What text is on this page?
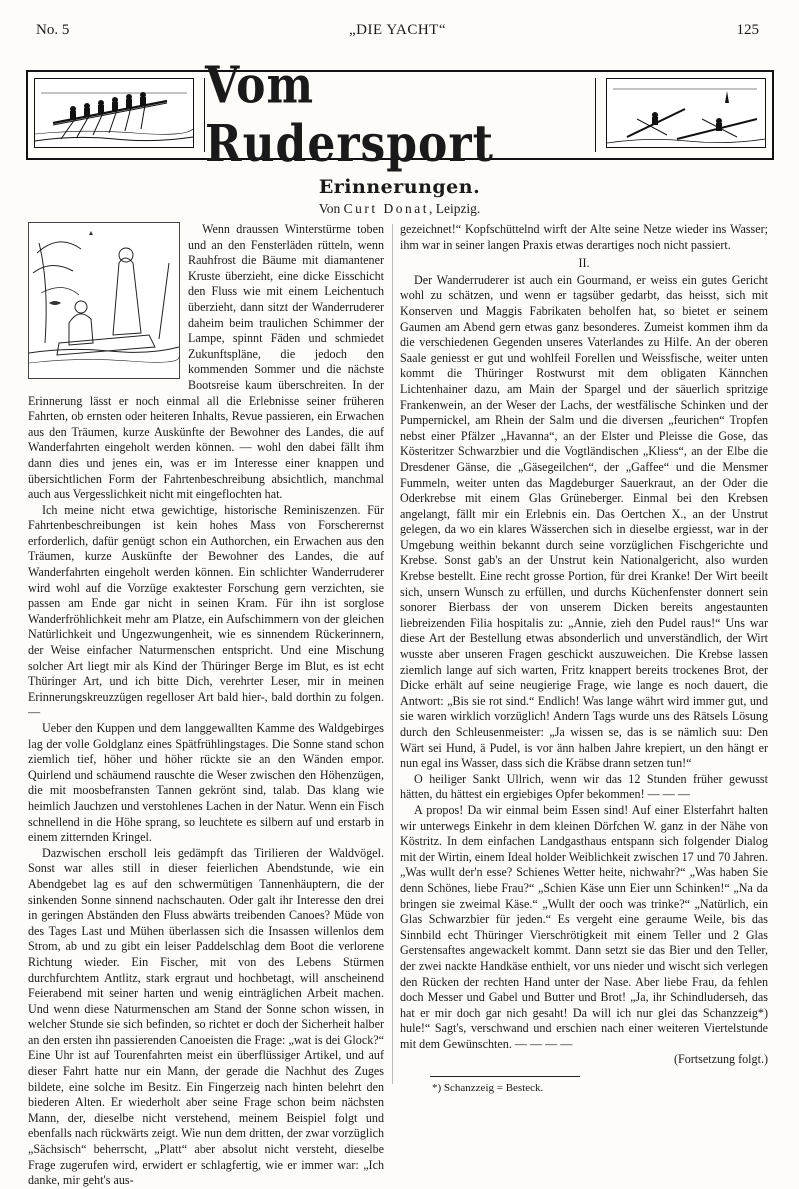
No. 5	„DIE YACHT“	125
Vom Rudersport
Erinnerungen.
Von Curt Donat, Leipzig.

Wenn draussen Winterstürme toben und an den Fensterläden rütteln, wenn Rauhfrost die Bäume mit diamantener Kruste überzieht, eine dicke Eisschicht den Fluss wie mit einem Leichentuch überzieht, dann sitzt der Wanderruderer daheim beim traulichen Schimmer der Lampe, spinnt Fäden und schmiedet Zukunftspläne, die jedoch den kommenden Sommer und die nächste Bootsreise kaum überschreiten. In der Erinnerung lässt er noch einmal all die Erlebnisse seiner früheren Fahrten, ob ernsten oder heiteren Inhalts, Revue passieren, ein Erwachen aus den Träumen, kurze Auskünfte der Bewohner des Landes, die auf Wanderfahrten eingeholt werden können. — wohl den dabei fällt ihm dann dies und jenes ein, was er im Interesse einer knappen und übersichtlichen Form der Fahrtenbeschreibung absichtlich, manchmal auch aus Vergesslichkeit nicht mit eingeflochten hat.

Ich meine nicht etwa gewichtige, historische Reminiszenzen. Für Fahrtenbeschreibungen ist kein hohes Mass von Forscherernst erforderlich, dafür genügt schon ein Authorchen, ein Erwachen aus den Träumen, kurze Auskünfte der Bewohner des Landes, die auf Wanderfahrten eingeholt werden können. Ein schlichter Wanderruderer wird wohl auf die Vorzüge exaktester Forschung gern verzichten, sie passen am Ende gar nicht in seinen Kram. Für ihn ist sorglose Wanderfröhlichkeit mehr am Platze, ein Aufschimmern von der gleichen Natürlichkeit und Ungezwungenheit, wie es sinnendem Rückerinnern, der Weise einfacher Naturmenschen entspricht. Und eine Mischung solcher Art liegt mir als Kind der Thüringer Berge im Blut, es ist echt Thüringer Art, und ich bitte Dich, verehrter Leser, mir in meinen Erinnerungskreuzzügen regelloser Art bald hier-, bald dorthin zu folgen. —

Ueber den Kuppen und dem langgewallten Kamme des Waldgebirges lag der volle Goldglanz eines Spätfrühlingstages. Die Sonne stand schon ziemlich tief, höher und höher rückte sie an den Wänden empor. Quirlend und schäumend rauschte die Weser zwischen den Höhenzügen, die mit moosbefransten Tannen gekrönt sind, talab. Das klang wie heimlich Jauchzen und verstohlenes Lachen in der Natur. Wenn ein Fisch schnellend in die Höhe sprang, so leuchtete es silbern auf und erstarb in einem zitternden Kringel.

Dazwischen erscholl leis gedämpft das Tirilieren der Waldvögel. Sonst war alles still in dieser feierlichen Abendstunde, wie ein Abendgebet lag es auf den schwermütigen Tannenhäuptern, die der sinkenden Sonne sinnend nachschauten. Oder galt ihr Interesse den drei in geringen Abständen den Fluss abwärts treibenden Canoes? Müde von des Tages Last und Mühen überlassen sich die Insassen willenlos dem Strom, ab und zu gibt ein leiser Paddelschlag dem Boot die verlorene Richtung wieder. Ein Fischer, mit von des Lebens Stürmen durchfurchtem Antlitz, stark ergraut und hochbetagt, will anscheinend Feierabend mit seiner harten und wenig einträglichen Arbeit machen. Und wenn diese Naturmenschen am Stand der Sonne schon wissen, in welcher Stunde sie sich befinden, so richtet er doch der Sicherheit halber an den ersten ihn passierenden Canoeisten die Frage: „wat is dei Glock?“ Eine Uhr ist auf Tourenfahrten meist ein überflüssiger Artikel, und auf dieser Fahrt hatte nur ein Mann, der gerade die Nachhut des Zuges bildete, eine solche im Besitz. Ein Fingerzeig nach hinten belehrt den biederen Alten. Er wiederholt aber seine Frage schon beim nächsten Mann, der, dieselbe nicht verstehend, meinem Beispiel folgt und ebenfalls nach rückwärts zeigt. Wie nun dem dritten, der zwar vorzüglich „Sächsisch“ beherrscht, „Platt“ aber absolut nicht versteht, dieselbe Frage zugerufen wird, erwidert er schlagfertig, wie er immer war: „Ich danke, mir geht's aus-

gezeichnet!“ Kopfschüttelnd wirft der Alte seine Netze wieder ins Wasser; ihm war in seiner langen Praxis etwas derartiges noch nicht passiert.

II.

Der Wanderruderer ist auch ein Gourmand, er weiss ein gutes Gericht wohl zu schätzen, und wenn er tagsüber gedarbt, das heisst, sich mit Konserven und Maggis Fabrikaten beholfen hat, so bietet er seinem Gaumen am Abend gern etwas ganz besonderes. Zumeist kommen ihm da die verschiedenen Gegenden unseres Vaterlandes zu Hilfe. An der oberen Saale geniesst er gut und wohlfeil Forellen und Weissfische, weiter unten kommt die Thüringer Rostwurst mit dem obligaten Kännchen Lichtenhainer dazu, am Main der Spargel und der säuerlich spritzige Frankenwein, an der Weser der Lachs, der westfälische Schinken und der Pumpernickel, am Rhein der Salm und die diversen „feurichen“ Tropfen nebst einer Pfälzer „Havanna“, an der Elster und Pleisse die Gose, das Kösteritzer Schwarzbier und die Vogtländischen „Kliess“, an der Elbe die Dresdener Gänse, die „Gäsegeilchen“, der „Gaffee“ und die Mensmer Fummeln, weiter unten das Magdeburger Sauerkraut, an der Oder die Oderkrebse mit einem Glas Grüneberger. Einmal bei den Krebsen angelangt, fällt mir ein Erlebnis ein. Das Oertchen X., an der Unstrut gelegen, da wo ein klares Wässerchen sich in dieselbe ergiesst, war in der Umgebung weithin bekannt durch seine vorzüglichen Fischgerichte und Krebse. Sonst gab's an der Unstrut kein Nationalgericht, also wurden Krebse bestellt. Eine recht grosse Portion, für drei Kranke! Der Wirt beeilt sich, unsern Wunsch zu erfüllen, und durchs Küchenfenster donnert sein sonorer Bierbass der von unserem Dicken bereits angestaunten liebreizenden Filia hospitalis zu: „Annie, zieh den Pudel raus!“ Uns war diese Art der Bestellung etwas absonderlich und unverständlich, der Wirt wusste aber unseren Fragen geschickt auszuweichen. Die Krebse lassen ziemlich lange auf sich warten, Fritz knappert bereits trockenes Brot, der Dicke erhält auf seine neugierige Frage, wie lange es noch dauert, die Antwort: „Bis sie rot sind.“ Endlich! Was lange währt wird immer gut, und sie waren wirklich vorzüglich! Andern Tags wurde uns des Rätsels Lösung durch den Schleusenmeister: „Ja wissen se, das is se nämlich suu: Den Wärt sei Hund, ä Pudel, is vor änn halben Jahre krepiert, un den hängt er nun egal ins Wasser, dass sich die Kräbse drann setzen tun!“

O heiliger Sankt Ullrich, wenn wir das 12 Stunden früher gewusst hätten, du hättest ein ergiebiges Opfer bekommen! — — —

A propos! Da wir einmal beim Essen sind! Auf einer Elsterfahrt halten wir unterwegs Einkehr in dem kleinen Dörfchen W. ganz in der Nähe von Köstritz. In dem einfachen Landgasthaus entspann sich folgender Dialog mit der Wirtin, einem Ideal holder Weiblichkeit zwischen 17 und 70 Jahren. „Was wullt der'n esse? Schienes Wetter heite, nichwahr?“ „Was haben Sie denn Schönes, liebe Frau?“ „Schien Käse unn Eier unn Schinken!“ „Na da bringen sie zweimal Käse.“ „Wullt der ooch was trinke?“ „Natürlich, ein Glas Schwarzbier für jeden.“ Es vergeht eine geraume Weile, bis das Sinnbild echt Thüringer Vierschrötigkeit mit einem Teller und 2 Glas Gerstensaftes angewackelt kommt. Dann setzt sie das Bier und den Teller, der zwei nackte Handkäse enthielt, vor uns nieder und wischt sich verlegen den Rücken der rechten Hand unter der Nase. Aber liebe Frau, da fehlen doch Messer und Gabel und Butter und Brot! „Ja, ihr Schindluderseh, das hat er mir doch gar nich gesaht! Da will ich nur glei das Schanzzeig*) hule!“ Sagt's, verschwand und erschien nach einer weiteren Viertelstunde mit dem Gewünschten. — — — —

(Fortsetzung folgt.)

*) Schanzzeig = Besteck.
